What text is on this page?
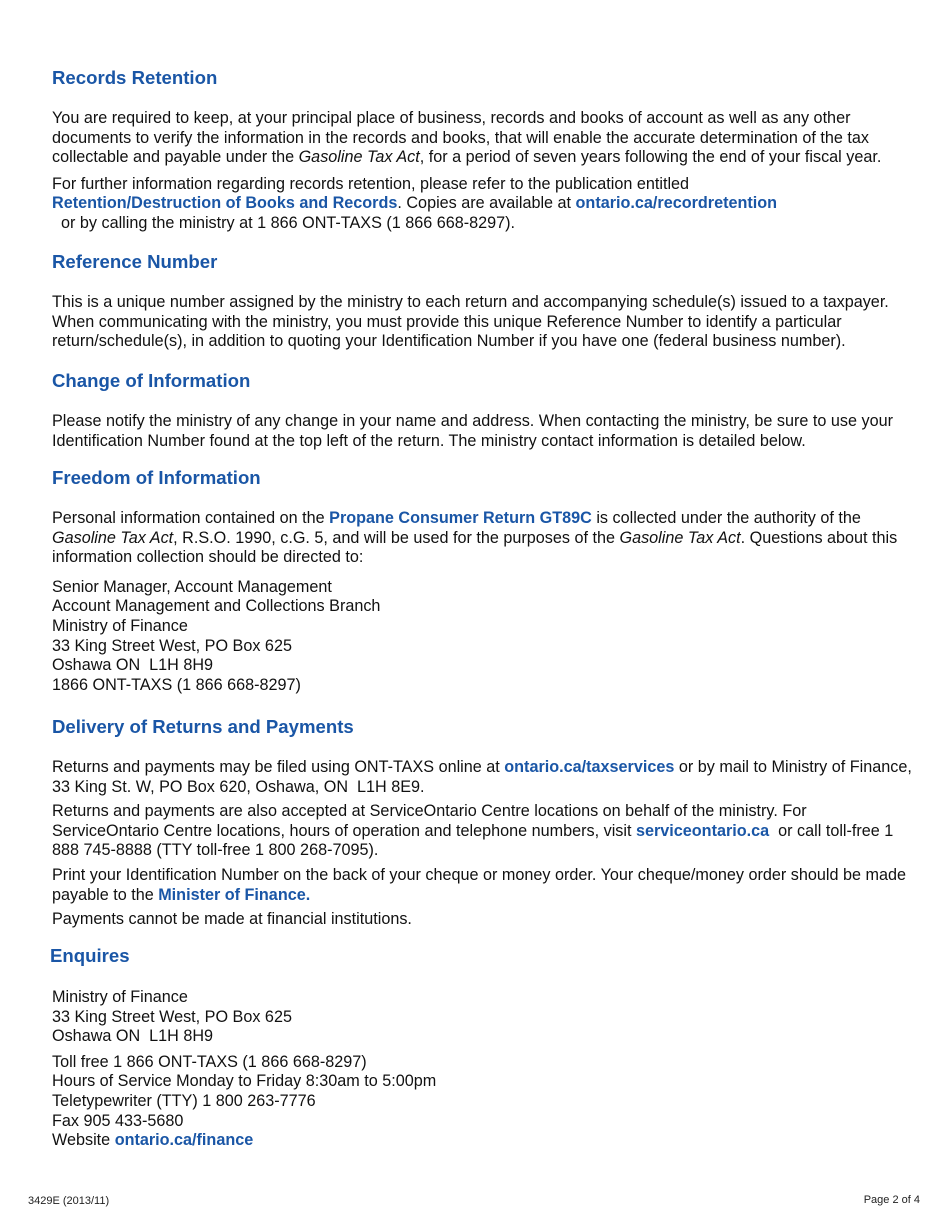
Records Retention

You are required to keep, at your principal place of business, records and books of account as well as any other documents to verify the information in the records and books, that will enable the accurate determination of the tax collectable and payable under the Gasoline Tax Act, for a period of seven years following the end of your fiscal year.

For further information regarding records retention, please refer to the publication entitled
Retention/Destruction of Books and Records. Copies are available at ontario.ca/recordretention  or by calling the ministry at 1 866 ONT-TAXS (1 866 668-8297).

Reference Number

This is a unique number assigned by the ministry to each return and accompanying schedule(s) issued to a taxpayer. When communicating with the ministry, you must provide this unique Reference Number to identify a particular return/schedule(s), in addition to quoting your Identification Number if you have one (federal business number).

Change of Information

Please notify the ministry of any change in your name and address. When contacting the ministry, be sure to use your Identification Number found at the top left of the return. The ministry contact information is detailed below.

Freedom of Information

Personal information contained on the Propane Consumer Return GT89C is collected under the authority of the
Gasoline Tax Act, R.S.O. 1990, c.G. 5, and will be used for the purposes of the Gasoline Tax Act. Questions about this information collection should be directed to:

Senior Manager, Account Management
Account Management and Collections Branch
Ministry of Finance
33 King Street West, PO Box 625
Oshawa ON  L1H 8H9
1866 ONT-TAXS (1 866 668-8297)
Delivery of Returns and Payments

Returns and payments may be filed using ONT-TAXS online at ontario.ca/taxservices or by mail to Ministry of Finance, 33 King St. W, PO Box 620, Oshawa, ON  L1H 8E9.

Returns and payments are also accepted at ServiceOntario Centre locations on behalf of the ministry. For ServiceOntario Centre locations, hours of operation and telephone numbers, visit serviceontario.ca  or call toll-free 1 888 745-8888 (TTY toll-free 1 800 268-7095).

Print your Identification Number on the back of your cheque or money order. Your cheque/money order should be made payable to the Minister of Finance.

Payments cannot be made at financial institutions.

Enquires
Ministry of Finance
33 King Street West, PO Box 625
Oshawa ON  L1H 8H9
Toll free 1 866 ONT-TAXS (1 866 668-8297)
Hours of Service Monday to Friday 8:30am to 5:00pm
Teletypewriter (TTY) 1 800 263-7776
Fax 905 433-5680
Website ontario.ca/finance
3429E (2013/11)	Page 2 of 4
